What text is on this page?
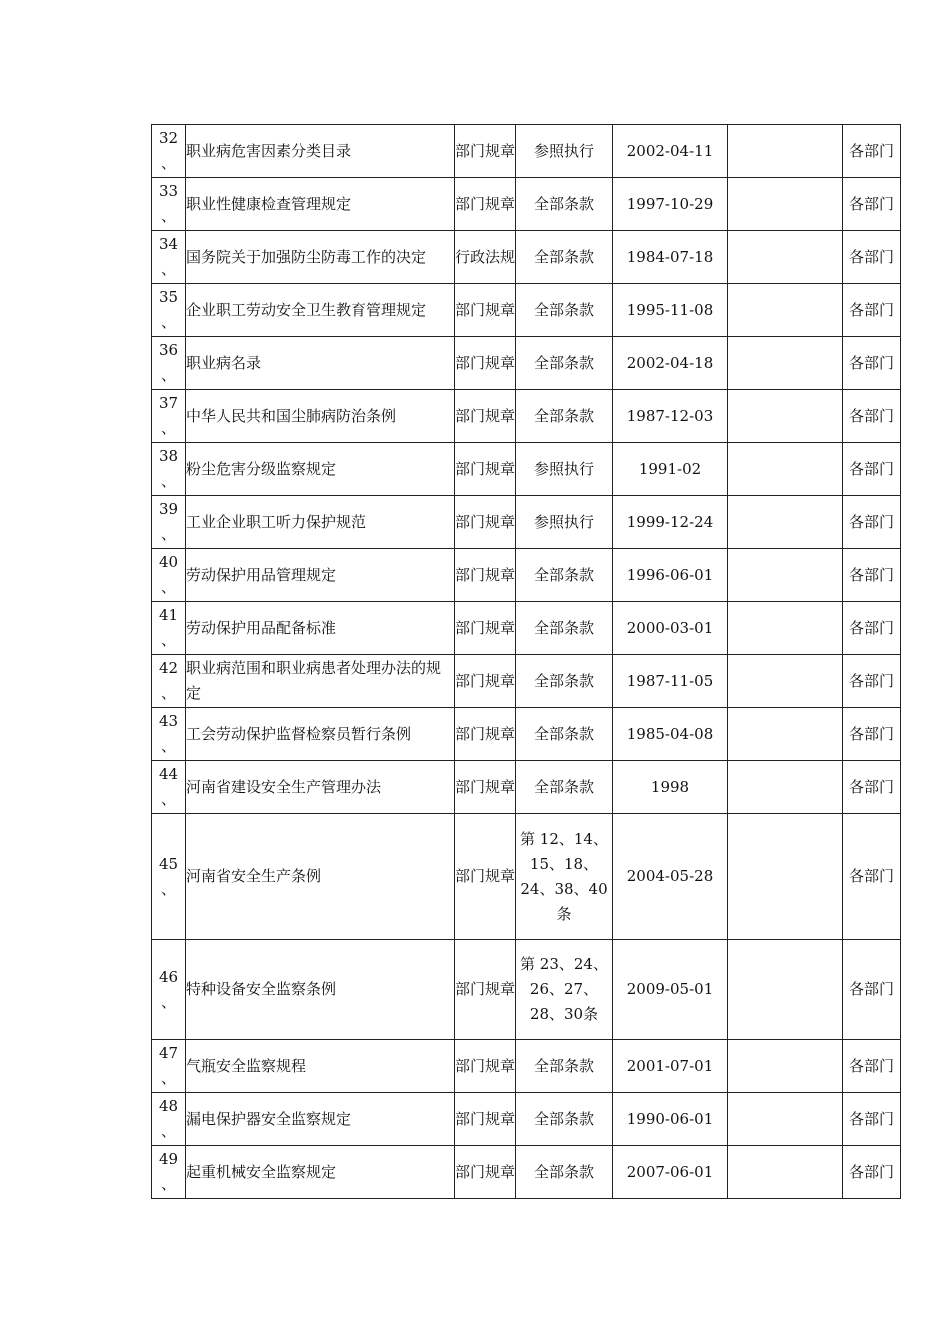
32
、	职业病危害因素分类目录	部门规章	参照执行	2002-04-11		各部门

33
、	职业性健康检查管理规定	部门规章	全部条款	1997-10-29		各部门

34
、	国务院关于加强防尘防毒工作的决定	行政法规	全部条款	1984-07-18		各部门

35
、	企业职工劳动安全卫生教育管理规定	部门规章	全部条款	1995-11-08		各部门

36
、	职业病名录	部门规章	全部条款	2002-04-18		各部门

37
、	中华人民共和国尘肺病防治条例	部门规章	全部条款	1987-12-03		各部门

38
、	粉尘危害分级监察规定	部门规章	参照执行	1991-02		各部门

39
、	工业企业职工听力保护规范	部门规章	参照执行	1999-12-24		各部门

40
、	劳动保护用品管理规定	部门规章	全部条款	1996-06-01		各部门

41
、	劳动保护用品配备标准	部门规章	全部条款	2000-03-01		各部门

42
、	职业病范围和职业病患者处理办法的规定	部门规章	全部条款	1987-11-05		各部门

43
、	工会劳动保护监督检察员暂行条例	部门规章	全部条款	1985-04-08		各部门

44
、	河南省建设安全生产管理办法	部门规章	全部条款	1998		各部门

45
、	河南省安全生产条例	部门规章	第 12、14、15、18、24、38、40条	2004-05-28		各部门

46
、	特种设备安全监察条例	部门规章	第 23、24、26、27、28、30条	2009-05-01		各部门

47
、	气瓶安全监察规程	部门规章	全部条款	2001-07-01		各部门

48
、	漏电保护器安全监察规定	部门规章	全部条款	1990-06-01		各部门

49
、	起重机械安全监察规定	部门规章	全部条款	2007-06-01		各部门
